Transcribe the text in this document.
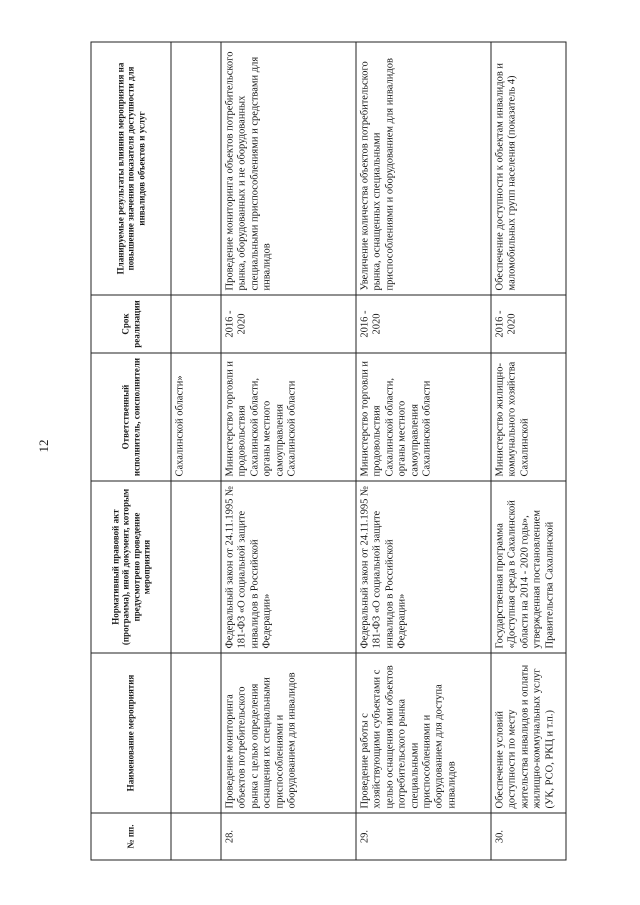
12
№ пп.	Наименование мероприятия	Нормативный правовой акт (программа), иной документ, которым предусмотрено проведение мероприятия	Ответственный исполнитель, соисполнители	Срок реализации	Планируемые результаты влияния мероприятия на повышение значения показателя доступности для инвалидов объектов и услуг
			Сахалинской области»		
28.	Проведение мониторинга объектов потребительского рынка с целью определения оснащения их специальными приспособлениями и оборудованием для инвалидов	Федеральный закон от 24.11.1995 № 181-ФЗ «О социальной защите инвалидов в Российской Федерации»	Министерство торговли и продовольствия Сахалинской области, органы местного самоуправления Сахалинской области	2016 - 2020	Проведение мониторинга объектов потребительского рынка, оборудованных и не оборудованных специальными приспособлениями и средствами для инвалидов
29.	Проведение работы с хозяйствующими субъектами с целью оснащения ими объектов потребительского рынка специальными приспособлениями и оборудованием для доступа инвалидов	Федеральный закон от 24.11.1995 № 181-ФЗ «О социальной защите инвалидов в Российской Федерации»	Министерство торговли и продовольствия Сахалинской области, органы местного самоуправления Сахалинской области	2016 - 2020	Увеличение количества объектов потребительского рынка, оснащенных специальными приспособлениями и оборудованием для инвалидов
30.	Обеспечение условий доступности по месту жительства инвалидов и оплаты жилищно-коммунальных услуг (УК, РСО, РКЦ и т.п.)	Государственная программа «Доступная среда в Сахалинской области на 2014 - 2020 годы», утвержденная постановлением Правительства Сахалинской	Министерство жилищно-коммунального хозяйства Сахалинской	2016 - 2020	Обеспечение доступности к объектам инвалидов и маломобильных групп населения (показатель 4)
